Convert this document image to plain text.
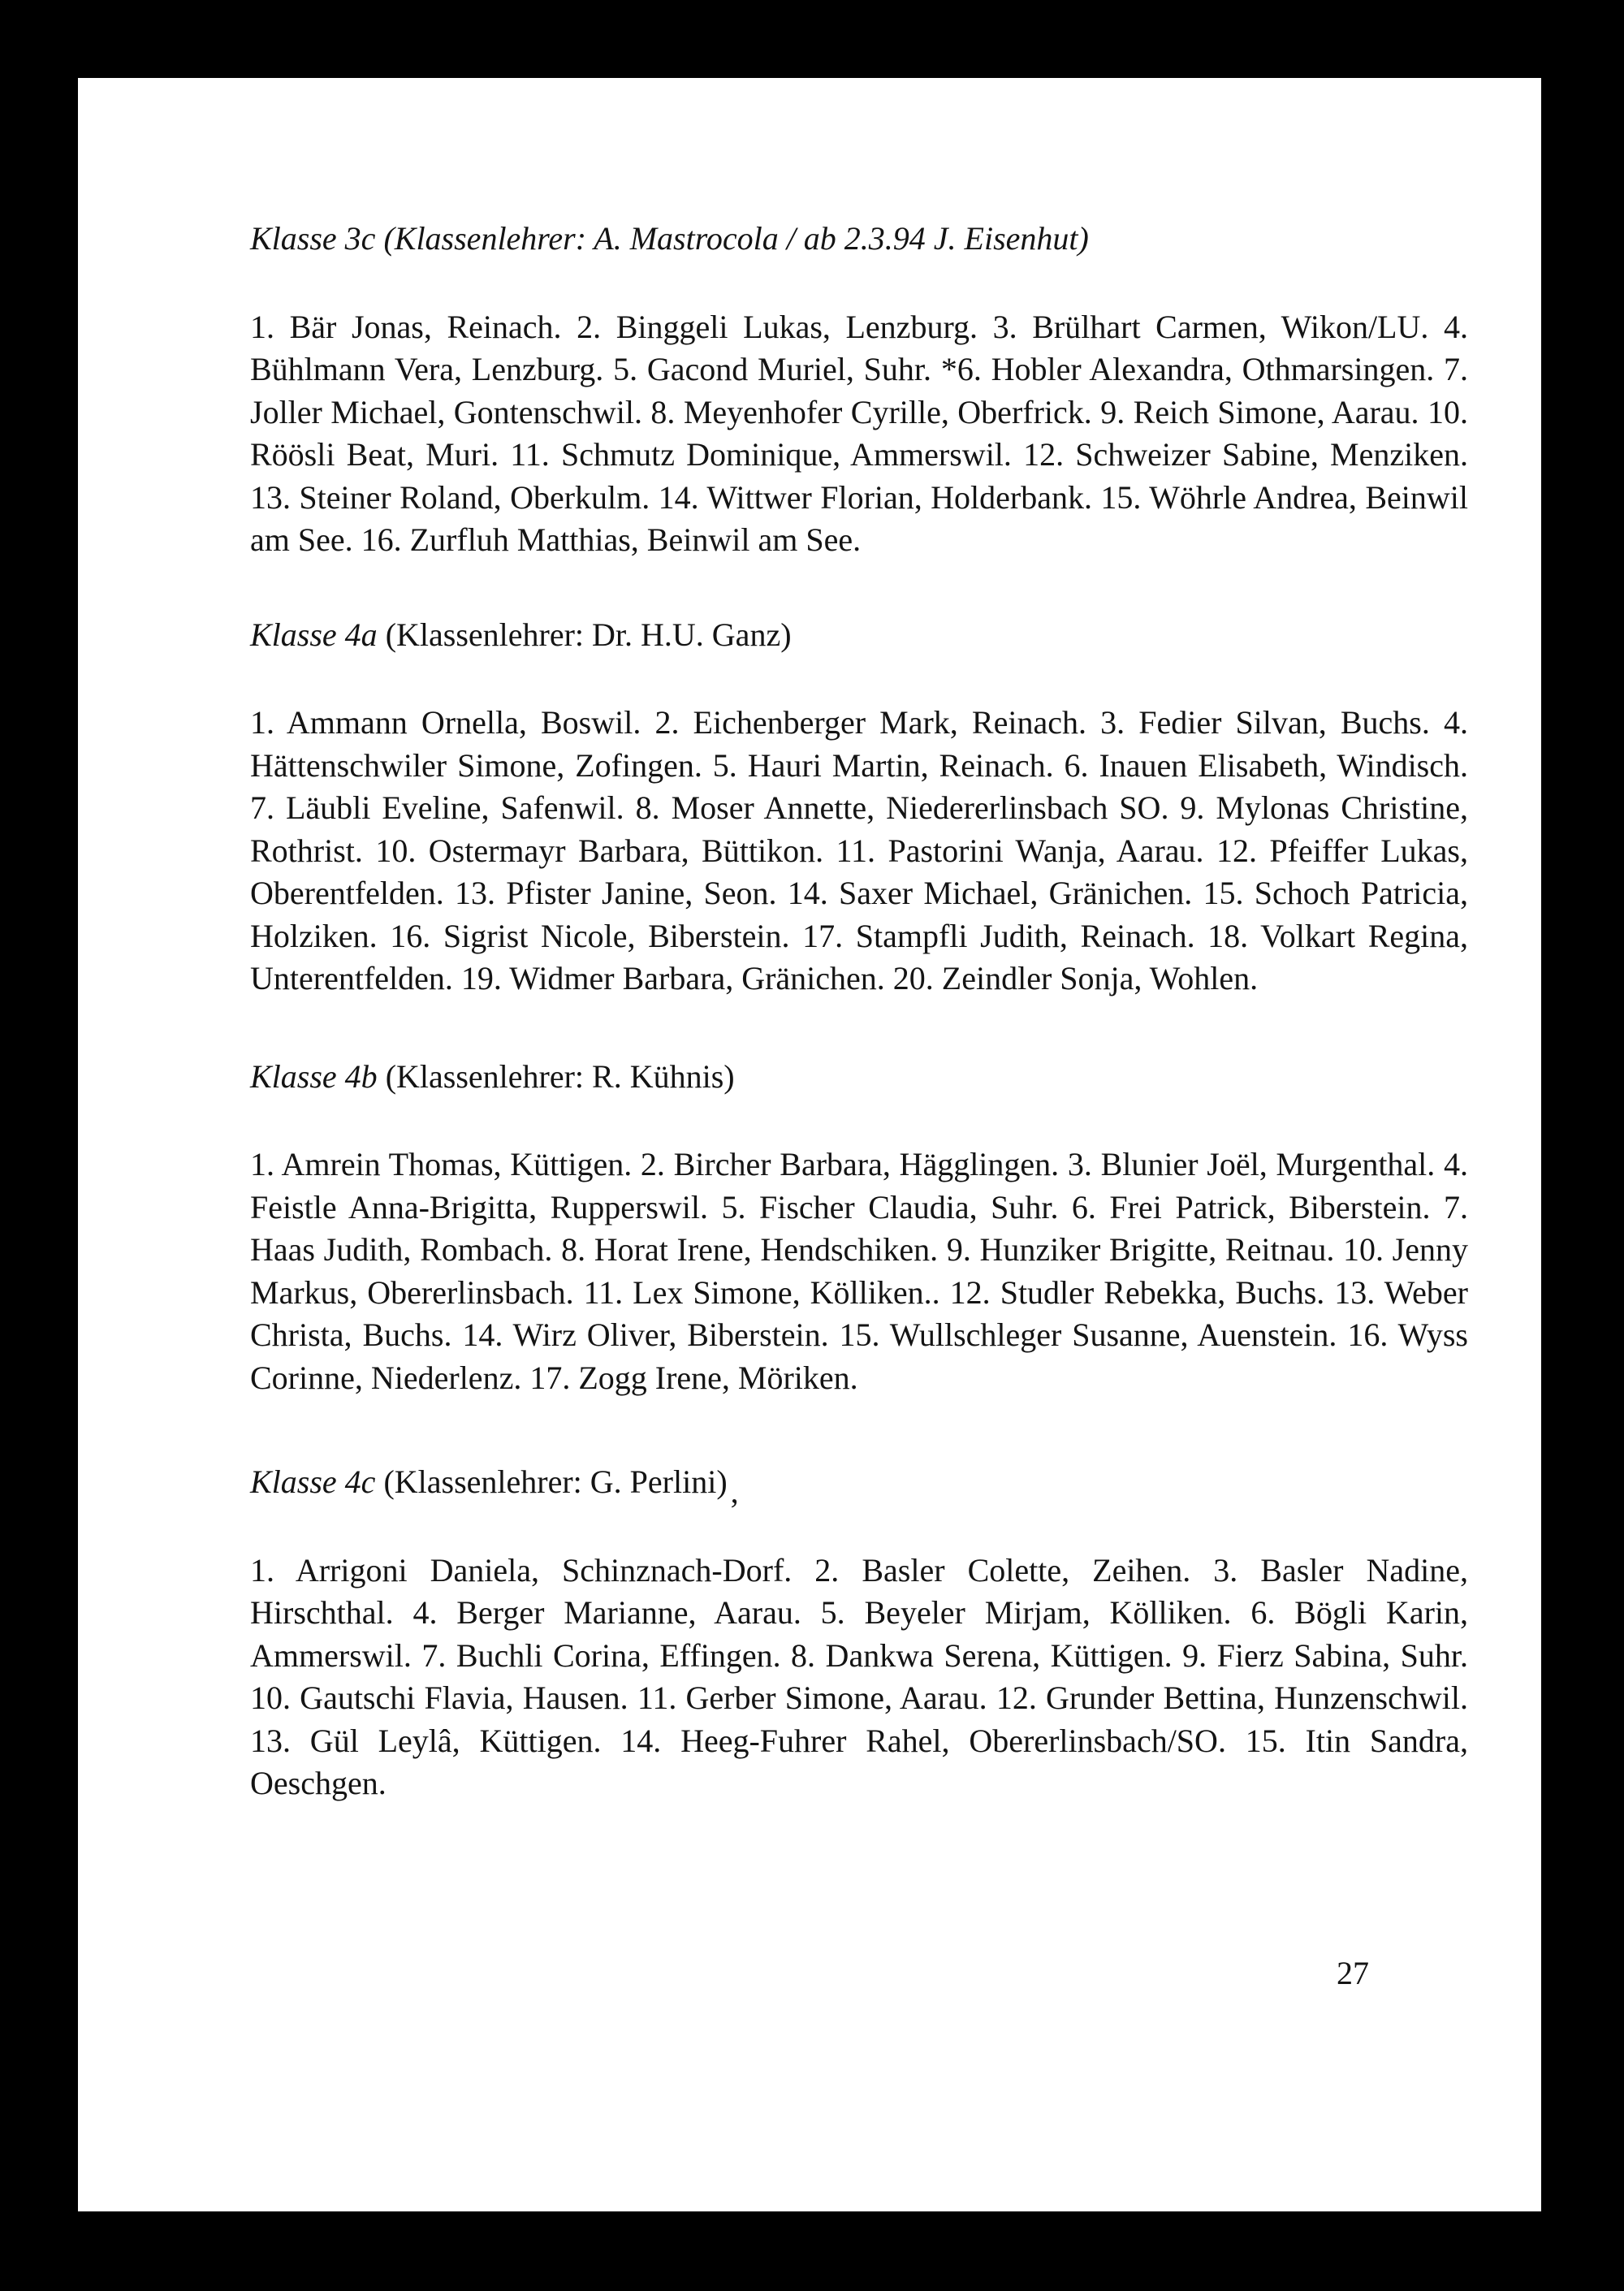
Klasse 3c (Klassenlehrer: A. Mastrocola / ab 2.3.94 J. Eisenhut)

1. Bär Jonas, Reinach. 2. Binggeli Lukas, Lenzburg. 3. Brülhart Carmen, Wikon/LU. 4. Bühlmann Vera, Lenzburg. 5. Gacond Muriel, Suhr. *6. Hobler Alexandra, Othmarsingen. 7. Joller Michael, Gontenschwil. 8. Meyenhofer Cyrille, Oberfrick. 9. Reich Simone, Aarau. 10. Röösli Beat, Muri. 11. Schmutz Dominique, Ammerswil. 12. Schweizer Sabine, Menziken. 13. Steiner Roland, Oberkulm. 14. Wittwer Florian, Holderbank. 15. Wöhrle Andrea, Beinwil am See. 16. Zurfluh Matthias, Beinwil am See.

Klasse 4a (Klassenlehrer: Dr. H.U. Ganz)

1. Ammann Ornella, Boswil. 2. Eichenberger Mark, Reinach. 3. Fedier Silvan, Buchs. 4. Hättenschwiler Simone, Zofingen. 5. Hauri Martin, Reinach. 6. Inauen Elisabeth, Windisch. 7. Läubli Eveline, Safenwil. 8. Moser Annette, Niedererlinsbach SO. 9. Mylonas Christine, Rothrist. 10. Ostermayr Barbara, Büttikon. 11. Pastorini Wanja, Aarau. 12. Pfeiffer Lukas, Oberentfelden. 13. Pfister Janine, Seon. 14. Saxer Michael, Gränichen. 15. Schoch Patricia, Holziken. 16. Sigrist Nicole, Biberstein. 17. Stampfli Judith, Reinach. 18. Volkart Regina, Unterentfelden. 19. Widmer Barbara, Gränichen. 20. Zeindler Sonja, Wohlen.

Klasse 4b (Klassenlehrer: R. Kühnis)

1. Amrein Thomas, Küttigen. 2. Bircher Barbara, Hägglingen. 3. Blunier Joël, Murgenthal. 4. Feistle Anna-Brigitta, Rupperswil. 5. Fischer Claudia, Suhr. 6. Frei Patrick, Biberstein. 7. Haas Judith, Rombach. 8. Horat Irene, Hendschiken. 9. Hunziker Brigitte, Reitnau. 10. Jenny Markus, Obererlinsbach. 11. Lex Simone, Kölliken.. 12. Studler Rebekka, Buchs. 13. Weber Christa, Buchs. 14. Wirz Oliver, Biberstein. 15. Wullschleger Susanne, Auenstein. 16. Wyss Corinne, Niederlenz. 17. Zogg Irene, Möriken.

Klasse 4c (Klassenlehrer: G. Perlini) ,

1. Arrigoni Daniela, Schinznach-Dorf. 2. Basler Colette, Zeihen. 3. Basler Nadine, Hirschthal. 4. Berger Marianne, Aarau. 5. Beyeler Mirjam, Kölliken. 6. Bögli Karin, Ammerswil. 7. Buchli Corina, Effingen. 8. Dankwa Serena, Küttigen. 9. Fierz Sabina, Suhr. 10. Gautschi Flavia, Hausen. 11. Gerber Simone, Aarau. 12. Grunder Bettina, Hunzenschwil. 13. Gül Leylâ, Küttigen. 14. Heeg-Fuhrer Rahel, Obererlinsbach/SO. 15. Itin Sandra, Oeschgen.

27
